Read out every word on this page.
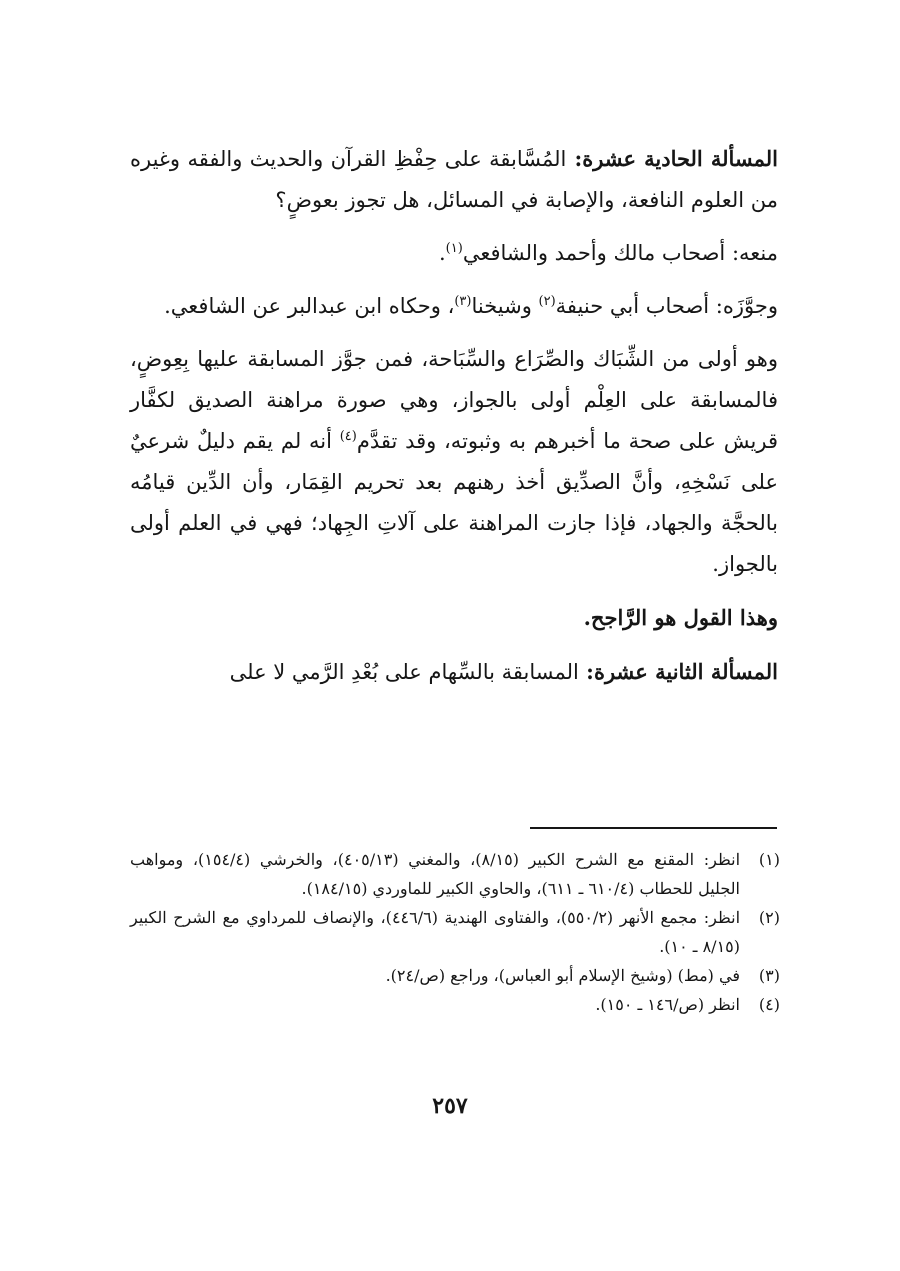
المسألة الحادية عشرة: المُسَّابقة على حِفْظِ القرآن والحديث والفقه وغيره من العلوم النافعة، والإصابة في المسائل، هل تجوز بعوضٍ؟

منعه: أصحاب مالك وأحمد والشافعي$^{(١)}$.

وجوَّزَه: أصحاب أبي حنيفة$^{(٢)}$ وشيخنا$^{(٣)}$، وحكاه ابن عبدالبر عن الشافعي.

وهو أولى من الشِّبَاك والصِّرَاع والسِّبَاحة، فمن جوَّز المسابقة عليها بِعِوضٍ، فالمسابقة على العِلْم أولى بالجواز، وهي صورة مراهنة الصديق لكفَّار قريش على صحة ما أخبرهم به وثبوته، وقد تقدَّم$^{(٤)}$ أنه لم يقم دليلٌ شرعيٌ على نَسْخِهِ، وأنَّ الصدِّيق أخذ رهنهم بعد تحريم القِمَار، وأن الدِّين قيامُه بالحجَّة والجهاد، فإذا جازت المراهنة على آلاتِ الجِهاد؛ فهي في العلم أولى بالجواز.

وهذا القول هو الرَّاجح.

المسألة الثانية عشرة: المسابقة بالسِّهام على بُعْدِ الرَّمي لا على

(١)
انظر: المقنع مع الشرح الكبير (٨/١٥)، والمغني (٤٠٥/١٣)، والخرشي (١٥٤/٤)، ومواهب الجليل للحطاب (٦١٠/٤ ـ ٦١١)، والحاوي الكبير للماوردي (١٨٤/١٥).
(٢)
انظر: مجمع الأنهر (٥٥٠/٢)، والفتاوى الهندية (٤٤٦/٦)، والإنصاف للمرداوي مع الشرح الكبير (٨/١٥ ـ ١٠).
(٣)
في (مط) (وشيخ الإسلام أبو العباس)، وراجع (ص/٢٤).
(٤)
انظر (ص/١٤٦ ـ ١٥٠).
٢٥٧
